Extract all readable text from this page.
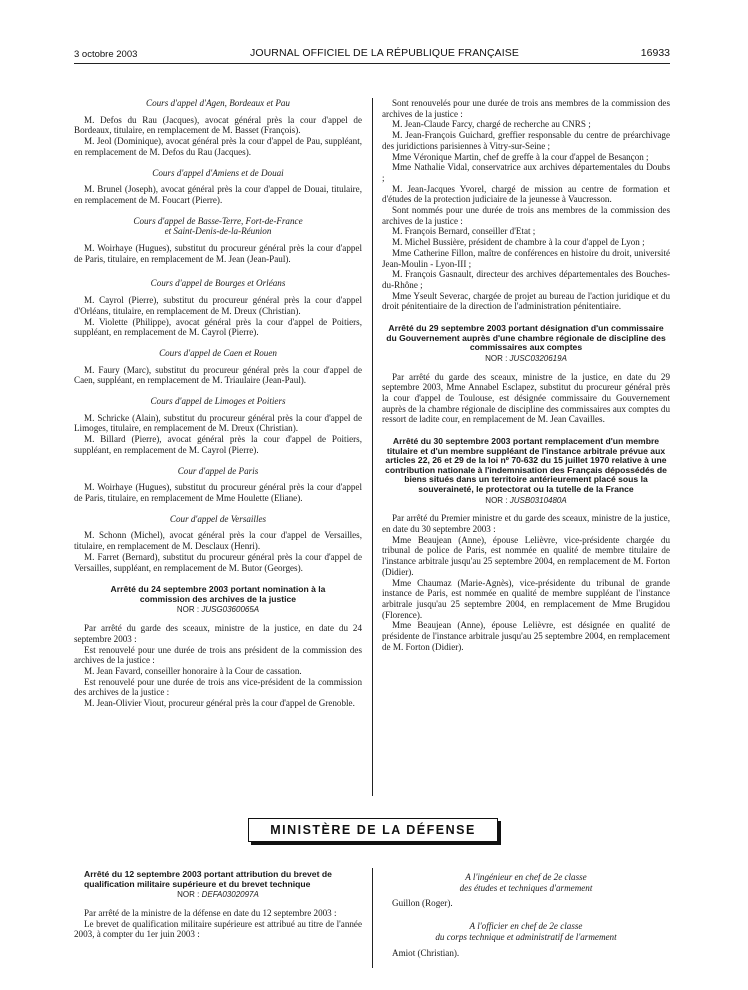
3 octobre 2003	JOURNAL OFFICIEL DE LA RÉPUBLIQUE FRANÇAISE	16933

Cours d'appel d'Agen, Bordeaux et Pau

M. Defos du Rau (Jacques), avocat général près la cour d'appel de Bordeaux, titulaire, en remplacement de M. Basset (François).

M. Jeol (Dominique), avocat général près la cour d'appel de Pau, suppléant, en remplacement de M. Defos du Rau (Jacques).

Cours d'appel d'Amiens et de Douai

M. Brunel (Joseph), avocat général près la cour d'appel de Douai, titulaire, en remplacement de M. Foucart (Pierre).

Cours d'appel de Basse-Terre, Fort-de-France

et Saint-Denis-de-la-Réunion

M. Woirhaye (Hugues), substitut du procureur général près la cour d'appel de Paris, titulaire, en remplacement de M. Jean (Jean-Paul).

Cours d'appel de Bourges et Orléans

M. Cayrol (Pierre), substitut du procureur général près la cour d'appel d'Orléans, titulaire, en remplacement de M. Dreux (Christian).

M. Violette (Philippe), avocat général près la cour d'appel de Poitiers, suppléant, en remplacement de M. Cayrol (Pierre).

Cours d'appel de Caen et Rouen

M. Faury (Marc), substitut du procureur général près la cour d'appel de Caen, suppléant, en remplacement de M. Triaulaire (Jean-Paul).

Cours d'appel de Limoges et Poitiers

M. Schricke (Alain), substitut du procureur général près la cour d'appel de Limoges, titulaire, en remplacement de M. Dreux (Christian).

M. Billard (Pierre), avocat général près la cour d'appel de Poitiers, suppléant, en remplacement de M. Cayrol (Pierre).

Cour d'appel de Paris

M. Woirhaye (Hugues), substitut du procureur général près la cour d'appel de Paris, titulaire, en remplacement de Mme Houlette (Eliane).

Cour d'appel de Versailles

M. Schonn (Michel), avocat général près la cour d'appel de Versailles, titulaire, en remplacement de M. Desclaux (Henri).

M. Farret (Bernard), substitut du procureur général près la cour d'appel de Versailles, suppléant, en remplacement de M. Butor (Georges).

Arrêté du 24 septembre 2003 portant nomination à la commission des archives de la justice

NOR : JUSG0360065A

Par arrêté du garde des sceaux, ministre de la justice, en date du 24 septembre 2003 :

Est renouvelé pour une durée de trois ans président de la commission des archives de la justice :

M. Jean Favard, conseiller honoraire à la Cour de cassation.

Est renouvelé pour une durée de trois ans vice-président de la commission des archives de la justice :

M. Jean-Olivier Viout, procureur général près la cour d'appel de Grenoble.

Sont renouvelés pour une durée de trois ans membres de la commission des archives de la justice :

M. Jean-Claude Farcy, chargé de recherche au CNRS ;

M. Jean-François Guichard, greffier responsable du centre de préarchivage des juridictions parisiennes à Vitry-sur-Seine ;

Mme Véronique Martin, chef de greffe à la cour d'appel de Besançon ;

Mme Nathalie Vidal, conservatrice aux archives départementales du Doubs ;

M. Jean-Jacques Yvorel, chargé de mission au centre de formation et d'études de la protection judiciaire de la jeunesse à Vaucresson.

Sont nommés pour une durée de trois ans membres de la commission des archives de la justice :

M. François Bernard, conseiller d'Etat ;

M. Michel Bussière, président de chambre à la cour d'appel de Lyon ;

Mme Catherine Fillon, maître de conférences en histoire du droit, université Jean-Moulin - Lyon-III ;

M. François Gasnault, directeur des archives départementales des Bouches-du-Rhône ;

Mme Yseult Severac, chargée de projet au bureau de l'action juridique et du droit pénitentiaire de la direction de l'administration pénitentiaire.

Arrêté du 29 septembre 2003 portant désignation d'un commissaire du Gouvernement auprès d'une chambre régionale de discipline des commissaires aux comptes

NOR : JUSC0320619A

Par arrêté du garde des sceaux, ministre de la justice, en date du 29 septembre 2003, Mme Annabel Esclapez, substitut du procureur général près la cour d'appel de Toulouse, est désignée commissaire du Gouvernement auprès de la chambre régionale de discipline des commissaires aux comptes du ressort de ladite cour, en remplacement de M. Jean Cavailles.

Arrêté du 30 septembre 2003 portant remplacement d'un membre titulaire et d'un membre suppléant de l'instance arbitrale prévue aux articles 22, 26 et 29 de la loi nº 70-632 du 15 juillet 1970 relative à une contribution nationale à l'indemnisation des Français dépossédés de biens situés dans un territoire antérieurement placé sous la souveraineté, le protectorat ou la tutelle de la France

NOR : JUSB0310480A

Par arrêté du Premier ministre et du garde des sceaux, ministre de la justice, en date du 30 septembre 2003 :

Mme Beaujean (Anne), épouse Lelièvre, vice-présidente chargée du tribunal de police de Paris, est nommée en qualité de membre titulaire de l'instance arbitrale jusqu'au 25 septembre 2004, en remplacement de M. Forton (Didier).

Mme Chaumaz (Marie-Agnès), vice-présidente du tribunal de grande instance de Paris, est nommée en qualité de membre suppléant de l'instance arbitrale jusqu'au 25 septembre 2004, en remplacement de Mme Brugidou (Florence).

Mme Beaujean (Anne), épouse Lelièvre, est désignée en qualité de présidente de l'instance arbitrale jusqu'au 25 septembre 2004, en remplacement de M. Forton (Didier).

MINISTÈRE DE LA DÉFENSE
Arrêté du 12 septembre 2003 portant attribution du brevet de qualification militaire supérieure et du brevet technique

NOR : DEFA0302097A

Par arrêté de la ministre de la défense en date du 12 septembre 2003 :

Le brevet de qualification militaire supérieure est attribué au titre de l'année 2003, à compter du 1er juin 2003 :

A l'ingénieur en chef de 2e classe

des études et techniques d'armement

Guillon (Roger).

A l'officier en chef de 2e classe

du corps technique et administratif de l'armement

Amiot (Christian).
